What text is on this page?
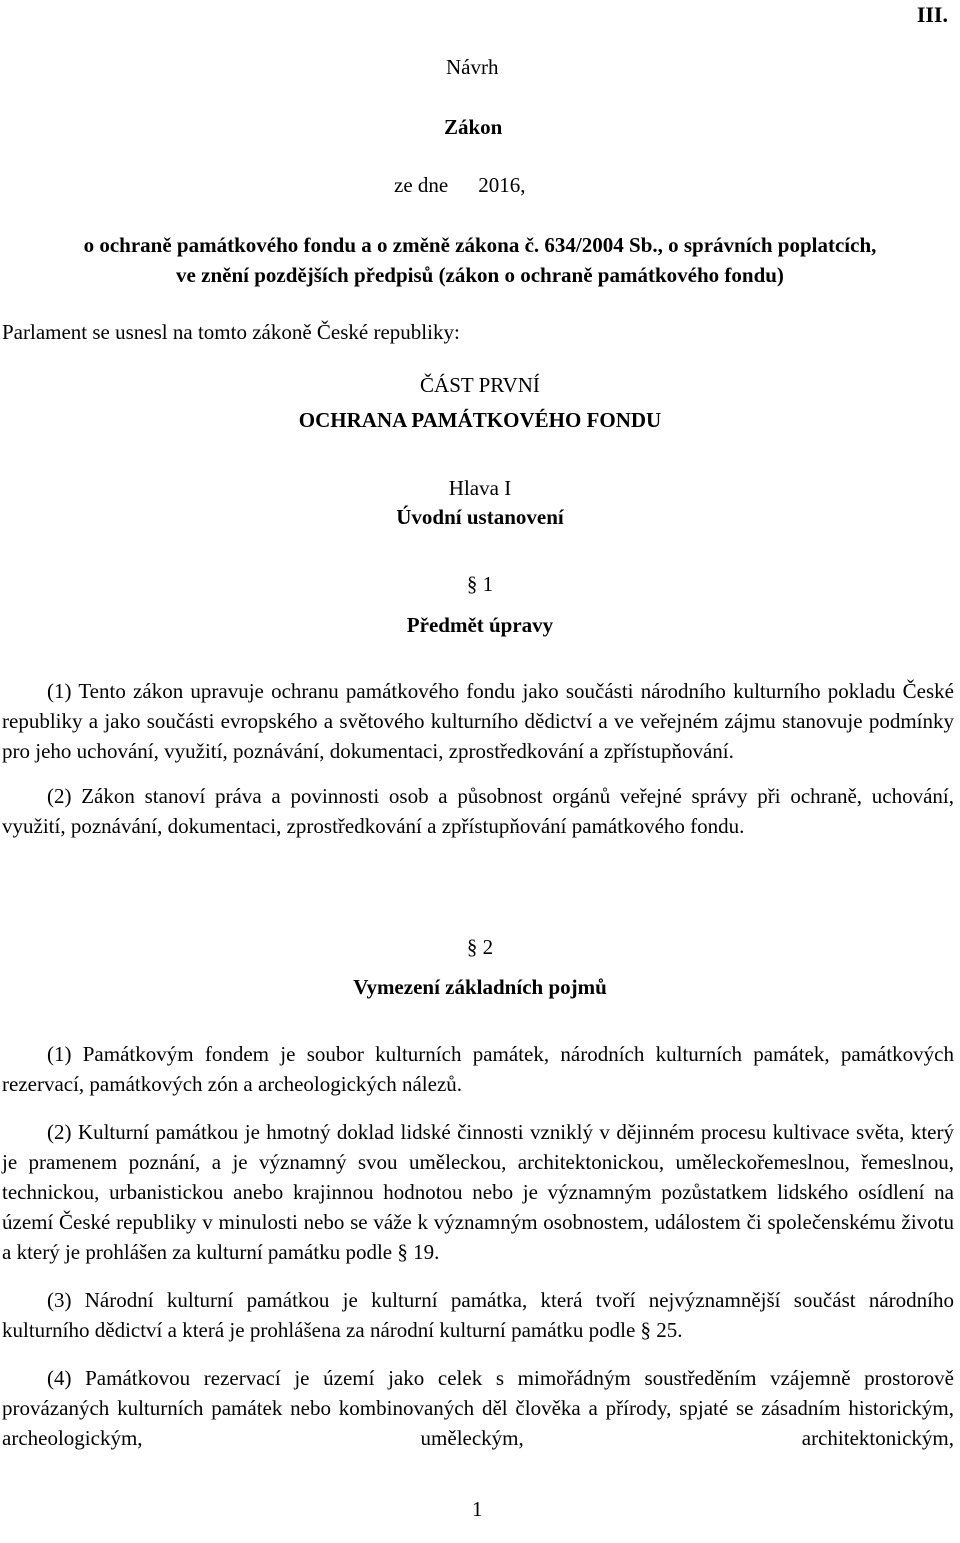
III.
Návrh
Zákon
ze dne 2016,
o ochraně památkového fondu a o změně zákona č. 634/2004 Sb., o správních poplatcích,
ve znění pozdějších předpisů (zákon o ochraně památkového fondu)
Parlament se usnesl na tomto zákoně České republiky:
ČÁST PRVNÍ
OCHRANA PAMÁTKOVÉHO FONDU
Hlava I
Úvodní ustanovení
§ 1
Předmět úpravy

(1) Tento zákon upravuje ochranu památkového fondu jako součásti národního kulturního pokladu České republiky a jako součásti evropského a světového kulturního dědictví a ve veřejném zájmu stanovuje podmínky pro jeho uchování, využití, poznávání, dokumentaci, zprostředkování a zpřístupňování.

(2) Zákon stanoví práva a povinnosti osob a působnost orgánů veřejné správy při ochraně, uchování, využití, poznávání, dokumentaci, zprostředkování a zpřístupňování památkového fondu.

§ 2
Vymezení základních pojmů

(1) Památkovým fondem je soubor kulturních památek, národních kulturních památek, památkových rezervací, památkových zón a archeologických nálezů.

(2) Kulturní památkou je hmotný doklad lidské činnosti vzniklý v dějinném procesu kultivace světa, který je pramenem poznání, a je významný svou uměleckou, architektonickou, uměleckořemeslnou, řemeslnou, technickou, urbanistickou anebo krajinnou hodnotou nebo je významným pozůstatkem lidského osídlení na území České republiky v minulosti nebo se váže k významným osobnostem, událostem či společenskému životu a který je prohlášen za kulturní památku podle § 19.

(3) Národní kulturní památkou je kulturní památka, která tvoří nejvýznamnější součást národního kulturního dědictví a která je prohlášena za národní kulturní památku podle § 25.

(4) Památkovou rezervací je území jako celek s mimořádným soustředěním vzájemně prostorově provázaných kulturních památek nebo kombinovaných děl člověka a přírody, spjaté se zásadním historickým, archeologickým, uměleckým, architektonickým,

1
